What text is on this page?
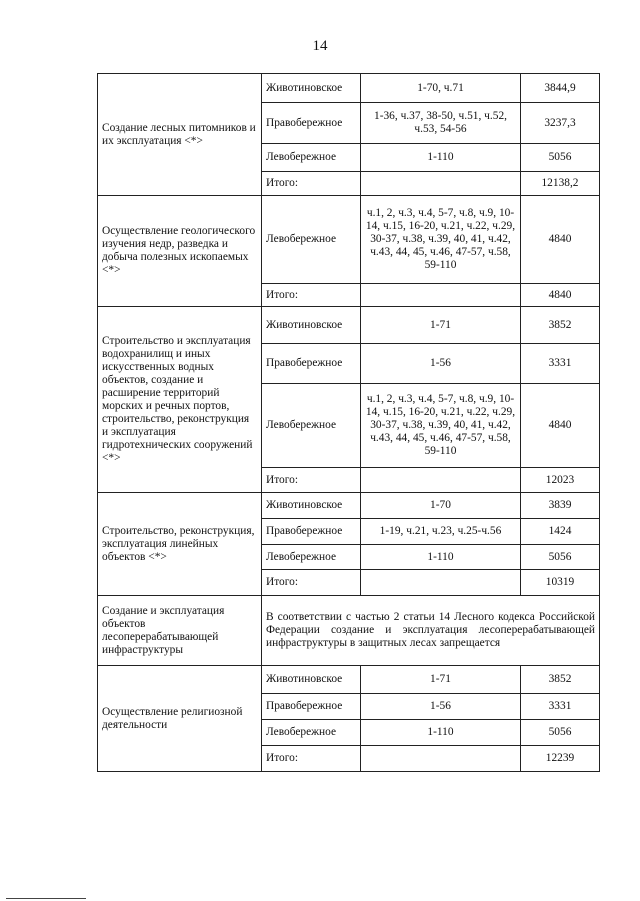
14
Создание лесных питомников и их эксплуатация <*>	Животиновское	1-70, ч.71	3844,9
	Правобережное	1-36, ч.37, 38-50, ч.51, ч.52, ч.53, 54-56	3237,3
	Левобережное	1-110	5056
	Итого:		12138,2
Осуществление геологического изучения недр, разведка и добыча полезных ископаемых <*>	Левобережное	ч.1, 2, ч.3, ч.4, 5-7, ч.8, ч.9, 10-14, ч.15, 16-20, ч.21, ч.22, ч.29, 30-37, ч.38, ч.39, 40, 41, ч.42, ч.43, 44, 45, ч.46, 47-57, ч.58, 59-110	4840
	Итого:		4840
Строительство и эксплуатация водохранилищ и иных искусственных водных объектов, создание и расширение территорий морских и речных портов, строительство, реконструкция и эксплуатация гидротехнических сооружений <*>	Животиновское	1-71	3852
	Правобережное	1-56	3331
	Левобережное	ч.1, 2, ч.3, ч.4, 5-7, ч.8, ч.9, 10-14, ч.15, 16-20, ч.21, ч.22, ч.29, 30-37, ч.38, ч.39, 40, 41, ч.42, ч.43, 44, 45, ч.46, 47-57, ч.58, 59-110	4840
	Итого:		12023
Строительство, реконструкция, эксплуатация линейных объектов <*>	Животиновское	1-70	3839
	Правобережное	1-19, ч.21, ч.23, ч.25-ч.56	1424
	Левобережное	1-110	5056
	Итого:		10319
Создание и эксплуатация объектов лесоперерабатывающей инфраструктуры	В соответствии с частью 2 статьи 14 Лесного кодекса Российской Федерации создание и эксплуатация лесоперерабатывающей инфраструктуры в защитных лесах запрещается		
Осуществление религиозной деятельности	Животиновское	1-71	3852
	Правобережное	1-56	3331
	Левобережное	1-110	5056
	Итого:		12239
